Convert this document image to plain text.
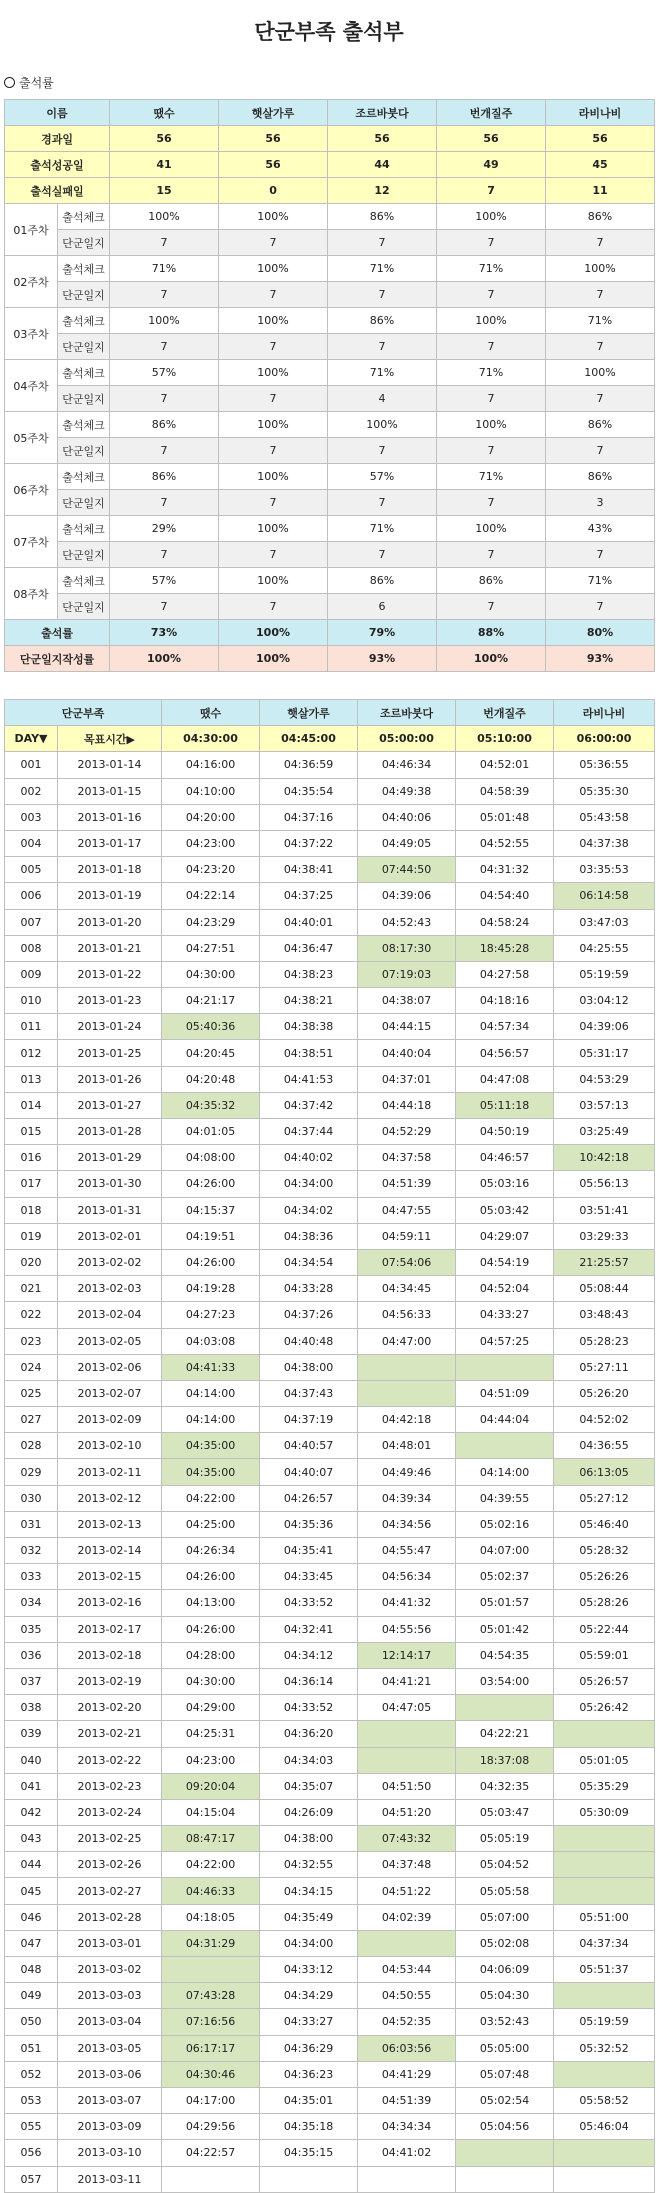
단군부족 출석부
출석률
이름		땠수	햇살가루	조르바붓다	번개질주	라비나비
경과일		56	56	56	56	56
출석성공일		41	56	44	49	45
출석실패일		15	0	12	7	11
01주차	출석체크	100%	100%	86%	100%	86%
	단군일지	7	7	7	7	7
02주차	출석체크	71%	100%	71%	71%	100%
	단군일지	7	7	7	7	7
03주차	출석체크	100%	100%	86%	100%	71%
	단군일지	7	7	7	7	7
04주차	출석체크	57%	100%	71%	71%	100%
	단군일지	7	7	4	7	7
05주차	출석체크	86%	100%	100%	100%	86%
	단군일지	7	7	7	7	7
06주차	출석체크	86%	100%	57%	71%	86%
	단군일지	7	7	7	7	3
07주차	출석체크	29%	100%	71%	100%	43%
	단군일지	7	7	7	7	7
08주차	출석체크	57%	100%	86%	86%	71%
	단군일지	7	7	6	7	7
출석률		73%	100%	79%	88%	80%
단군일지작성률		100%	100%	93%	100%	93%
단군부족		땠수	햇살가루	조르바붓다	번개질주	라비나비
DAY▼	목표시간▶	04:30:00	04:45:00	05:00:00	05:10:00	06:00:00
001	2013-01-14	04:16:00	04:36:59	04:46:34	04:52:01	05:36:55
002	2013-01-15	04:10:00	04:35:54	04:49:38	04:58:39	05:35:30
003	2013-01-16	04:20:00	04:37:16	04:40:06	05:01:48	05:43:58
004	2013-01-17	04:23:00	04:37:22	04:49:05	04:52:55	04:37:38
005	2013-01-18	04:23:20	04:38:41	07:44:50	04:31:32	03:35:53
006	2013-01-19	04:22:14	04:37:25	04:39:06	04:54:40	06:14:58
007	2013-01-20	04:23:29	04:40:01	04:52:43	04:58:24	03:47:03
008	2013-01-21	04:27:51	04:36:47	08:17:30	18:45:28	04:25:55
009	2013-01-22	04:30:00	04:38:23	07:19:03	04:27:58	05:19:59
010	2013-01-23	04:21:17	04:38:21	04:38:07	04:18:16	03:04:12
011	2013-01-24	05:40:36	04:38:38	04:44:15	04:57:34	04:39:06
012	2013-01-25	04:20:45	04:38:51	04:40:04	04:56:57	05:31:17
013	2013-01-26	04:20:48	04:41:53	04:37:01	04:47:08	04:53:29
014	2013-01-27	04:35:32	04:37:42	04:44:18	05:11:18	03:57:13
015	2013-01-28	04:01:05	04:37:44	04:52:29	04:50:19	03:25:49
016	2013-01-29	04:08:00	04:40:02	04:37:58	04:46:57	10:42:18
017	2013-01-30	04:26:00	04:34:00	04:51:39	05:03:16	05:56:13
018	2013-01-31	04:15:37	04:34:02	04:47:55	05:03:42	03:51:41
019	2013-02-01	04:19:51	04:38:36	04:59:11	04:29:07	03:29:33
020	2013-02-02	04:26:00	04:34:54	07:54:06	04:54:19	21:25:57
021	2013-02-03	04:19:28	04:33:28	04:34:45	04:52:04	05:08:44
022	2013-02-04	04:27:23	04:37:26	04:56:33	04:33:27	03:48:43
023	2013-02-05	04:03:08	04:40:48	04:47:00	04:57:25	05:28:23
024	2013-02-06	04:41:33	04:38:00			05:27:11
025	2013-02-07	04:14:00	04:37:43		04:51:09	05:26:20
027	2013-02-09	04:14:00	04:37:19	04:42:18	04:44:04	04:52:02
028	2013-02-10	04:35:00	04:40:57	04:48:01		04:36:55
029	2013-02-11	04:35:00	04:40:07	04:49:46	04:14:00	06:13:05
030	2013-02-12	04:22:00	04:26:57	04:39:34	04:39:55	05:27:12
031	2013-02-13	04:25:00	04:35:36	04:34:56	05:02:16	05:46:40
032	2013-02-14	04:26:34	04:35:41	04:55:47	04:07:00	05:28:32
033	2013-02-15	04:26:00	04:33:45	04:56:34	05:02:37	05:26:26
034	2013-02-16	04:13:00	04:33:52	04:41:32	05:01:57	05:28:26
035	2013-02-17	04:26:00	04:32:41	04:55:56	05:01:42	05:22:44
036	2013-02-18	04:28:00	04:34:12	12:14:17	04:54:35	05:59:01
037	2013-02-19	04:30:00	04:36:14	04:41:21	03:54:00	05:26:57
038	2013-02-20	04:29:00	04:33:52	04:47:05		05:26:42
039	2013-02-21	04:25:31	04:36:20		04:22:21	
040	2013-02-22	04:23:00	04:34:03		18:37:08	05:01:05
041	2013-02-23	09:20:04	04:35:07	04:51:50	04:32:35	05:35:29
042	2013-02-24	04:15:04	04:26:09	04:51:20	05:03:47	05:30:09
043	2013-02-25	08:47:17	04:38:00	07:43:32	05:05:19	
044	2013-02-26	04:22:00	04:32:55	04:37:48	05:04:52	
045	2013-02-27	04:46:33	04:34:15	04:51:22	05:05:58	
046	2013-02-28	04:18:05	04:35:49	04:02:39	05:07:00	05:51:00
047	2013-03-01	04:31:29	04:34:00		05:02:08	04:37:34
048	2013-03-02		04:33:12	04:53:44	04:06:09	05:51:37
049	2013-03-03	07:43:28	04:34:29	04:50:55	05:04:30	
050	2013-03-04	07:16:56	04:33:27	04:52:35	03:52:43	05:19:59
051	2013-03-05	06:17:17	04:36:29	06:03:56	05:05:00	05:32:52
052	2013-03-06	04:30:46	04:36:23	04:41:29	05:07:48	
053	2013-03-07	04:17:00	04:35:01	04:51:39	05:02:54	05:58:52
055	2013-03-09	04:29:56	04:35:18	04:34:34	05:04:56	05:46:04
056	2013-03-10	04:22:57	04:35:15	04:41:02		
057	2013-03-11					
